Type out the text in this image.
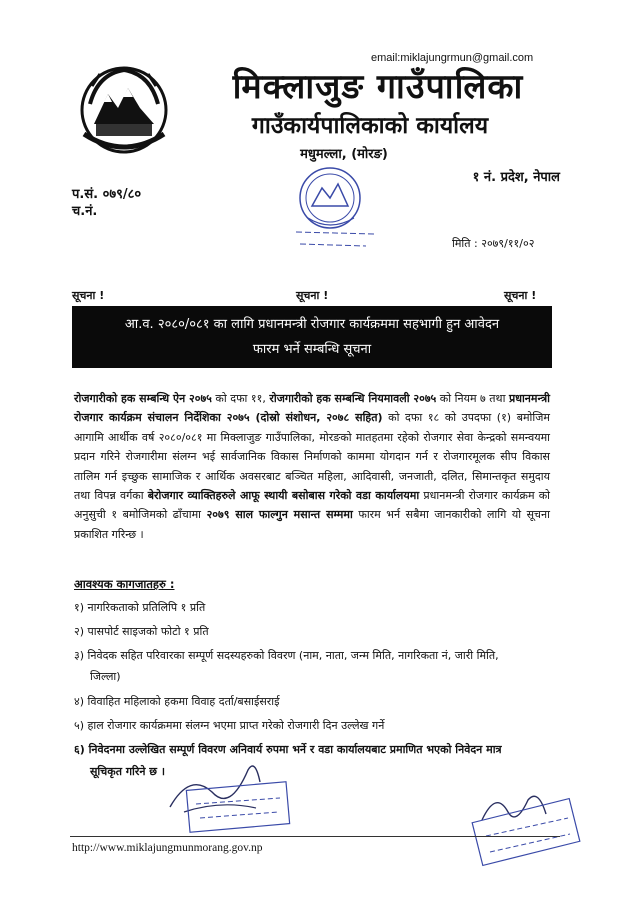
email:miklajungrmun@gmail.com
मिक्लाजुङ गाउँपालिका
गाउँकार्यपालिकाको कार्यालय
मधुमल्ला, (मोरङ)
१ नं. प्रदेश, नेपाल
प.सं. ०७९/८०
च.नं.
मिति : २०७९/११/०२
सूचना !	सूचना !	सूचना !
आ.व. २०८०/०८१ का लागि प्रधानमन्त्री रोजगार कार्यक्रममा सहभागी हुन आवेदन
फारम भर्ने सम्बन्धि सूचना
रोजगारीको हक सम्बन्धि ऐन २०७५ को दफा ११, रोजगारीको हक सम्बन्धि नियमावली २०७५ को नियम ७ तथा प्रधानमन्त्री रोजगार कार्यक्रम संचालन निर्देशिका २०७५ (दोस्रो संशोधन, २०७८ सहित) को दफा १८ को उपदफा (१) बमोजिम आगामि आर्थीक वर्ष २०८०/०८१ मा मिक्लाजुङ गाउँपालिका, मोरङको मातहतमा रहेको रोजगार सेवा केन्द्रको समन्वयमा प्रदान गरिने रोजगारीमा संलग्न भई सार्वजानिक विकास निर्माणको काममा योगदान गर्न र रोजगारमूलक सीप विकास तालिम गर्न इच्छुक सामाजिक र आर्थिक अवसरबाट बञ्चित महिला, आदिवासी, जनजाती, दलित, सिमान्तकृत समुदाय तथा विपन्न वर्गका बेरोजगार व्याक्तिहरुले आफू स्थायी बसोबास गरेको वडा कार्यालयमा प्रधानमन्त्री रोजगार कार्यक्रम को अनुसुची १ बमोजिमको ढाँचामा २०७९ साल फाल्गुन मसान्त सम्ममा फारम भर्न सबैमा जानकारीको लागि यो सूचना प्रकाशित गरिन्छ ।
आवश्यक कागजातहरु :
१) नागरिकताको प्रतिलिपि १ प्रति
२) पासपोर्ट साइजको फोटो १ प्रति
३) निवेदक सहित परिवारका सम्पूर्ण सदस्यहरुको विवरण (नाम, नाता, जन्म मिति, नागरिकता नं, जारी मिति,
जिल्ला)
४) विवाहित महिलाको हकमा विवाह दर्ता/बसाईसराई
५) हाल रोजगार कार्यक्रममा संलग्न भएमा प्राप्त गरेको रोजगारी दिन उल्लेख गर्ने
६) निवेदनमा उल्लेखित सम्पूर्ण विवरण अनिवार्य रुपमा भर्ने र वडा कार्यालयबाट प्रमाणित भएको निवेदन मात्र
सूचिकृत गरिने छ ।
http://www.miklajungmunmorang.gov.np
